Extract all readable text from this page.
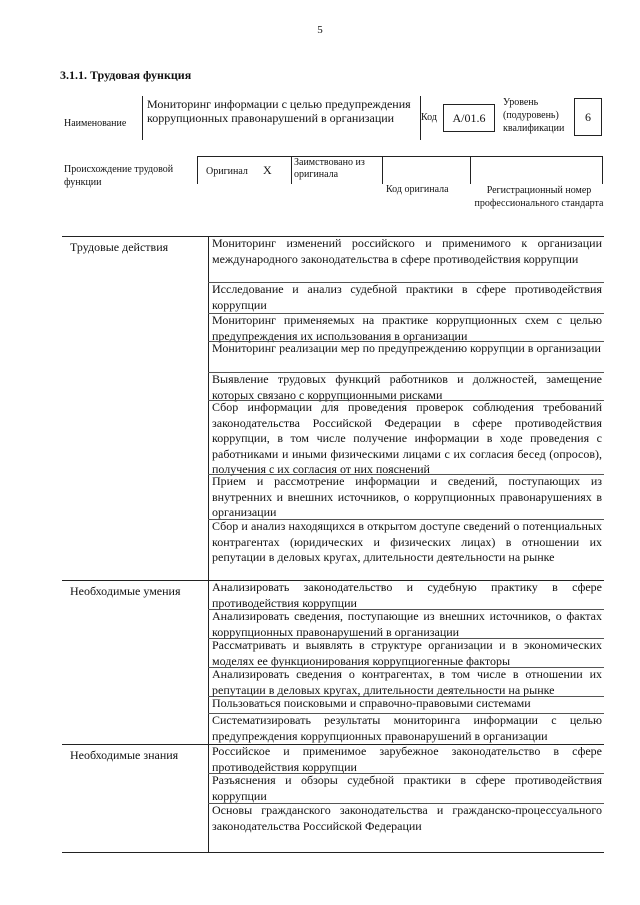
5
3.1.1. Трудовая функция
Наименование
Мониторинг информации с целью предупреждения коррупционных правонарушений в организации	Код	A/01.6
Уровень (подуровень) квалификации
6
Происхождение трудовой функции
Оригинал X
Заимствовано из оригинала
Код оригинала	Регистрационный номер профессионального стандарта
Трудовые действия	Мониторинг изменений российского и применимого к организации международного законодательства в сфере противодействия коррупции
Исследование и анализ судебной практики в сфере противодействия коррупции
Мониторинг применяемых на практике коррупционных схем с целью предупреждения их использования в организации
Мониторинг реализации мер по предупреждению коррупции в организации
Выявление трудовых функций работников и должностей, замещение которых связано с коррупционными рисками
Сбор информации для проведения проверок соблюдения требований законодательства Российской Федерации в сфере противодействия коррупции, в том числе получение информации в ходе проведения с работниками и иными физическими лицами с их согласия бесед (опросов), получения с их согласия от них пояснений
Прием и рассмотрение информации и сведений, поступающих из внутренних и внешних источников, о коррупционных правонарушениях в организации
Сбор и анализ находящихся в открытом доступе сведений о потенциальных контрагентах (юридических и физических лицах) в отношении их репутации в деловых кругах, длительности деятельности на рынке
Необходимые умения	Анализировать законодательство и судебную практику в сфере противодействия коррупции
Анализировать сведения, поступающие из внешних источников, о фактах коррупционных правонарушений в организации
Рассматривать и выявлять в структуре организации и в экономических моделях ее функционирования коррупциогенные факторы
Анализировать сведения о контрагентах, в том числе в отношении их репутации в деловых кругах, длительности деятельности на рынке
Пользоваться поисковыми и справочно-правовыми системами
Систематизировать результаты мониторинга информации с целью предупреждения коррупционных правонарушений в организации
Необходимые знания	Российское и применимое зарубежное законодательство в сфере противодействия коррупции
Разъяснения и обзоры судебной практики в сфере противодействия коррупции
Основы гражданского законодательства и гражданско-процессуального законодательства Российской Федерации
